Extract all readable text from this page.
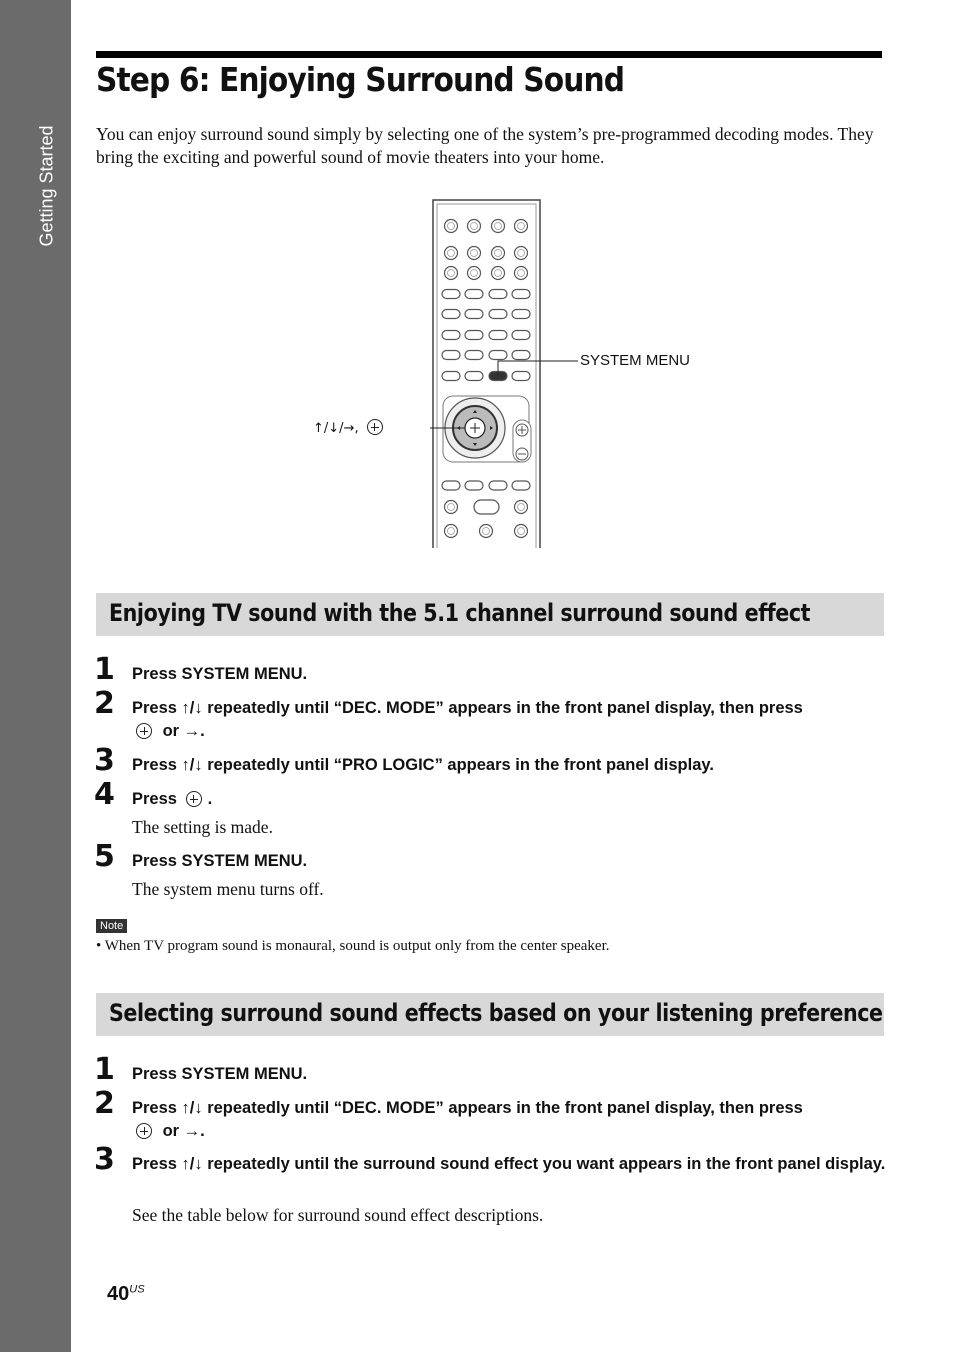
Getting Started
Step 6: Enjoying Surround Sound

You can enjoy surround sound simply by selecting one of the system’s pre-programmed decoding modes. They bring the exciting and powerful sound of movie theaters into your home.

SYSTEM MENU
↑/↓/→,
Enjoying TV sound with the 5.1 channel surround sound effect
1 Press SYSTEM MENU.

2 Press ↑/↓ repeatedly until “DEC. MODE” appears in the front panel display, then press
or →.

3 Press ↑/↓ repeatedly until “PRO LOGIC” appears in the front panel display.

4 Press .

The setting is made.

5 Press SYSTEM MENU.

The system menu turns off.

Note

• When TV program sound is monaural, sound is output only from the center speaker.

Selecting surround sound effects based on your listening preference
1 Press SYSTEM MENU.

2 Press ↑/↓ repeatedly until “DEC. MODE” appears in the front panel display, then press
or →.

3 Press ↑/↓ repeatedly until the surround sound effect you want appears in the front panel display.

See the table below for surround sound effect descriptions.

$40^{US}$
